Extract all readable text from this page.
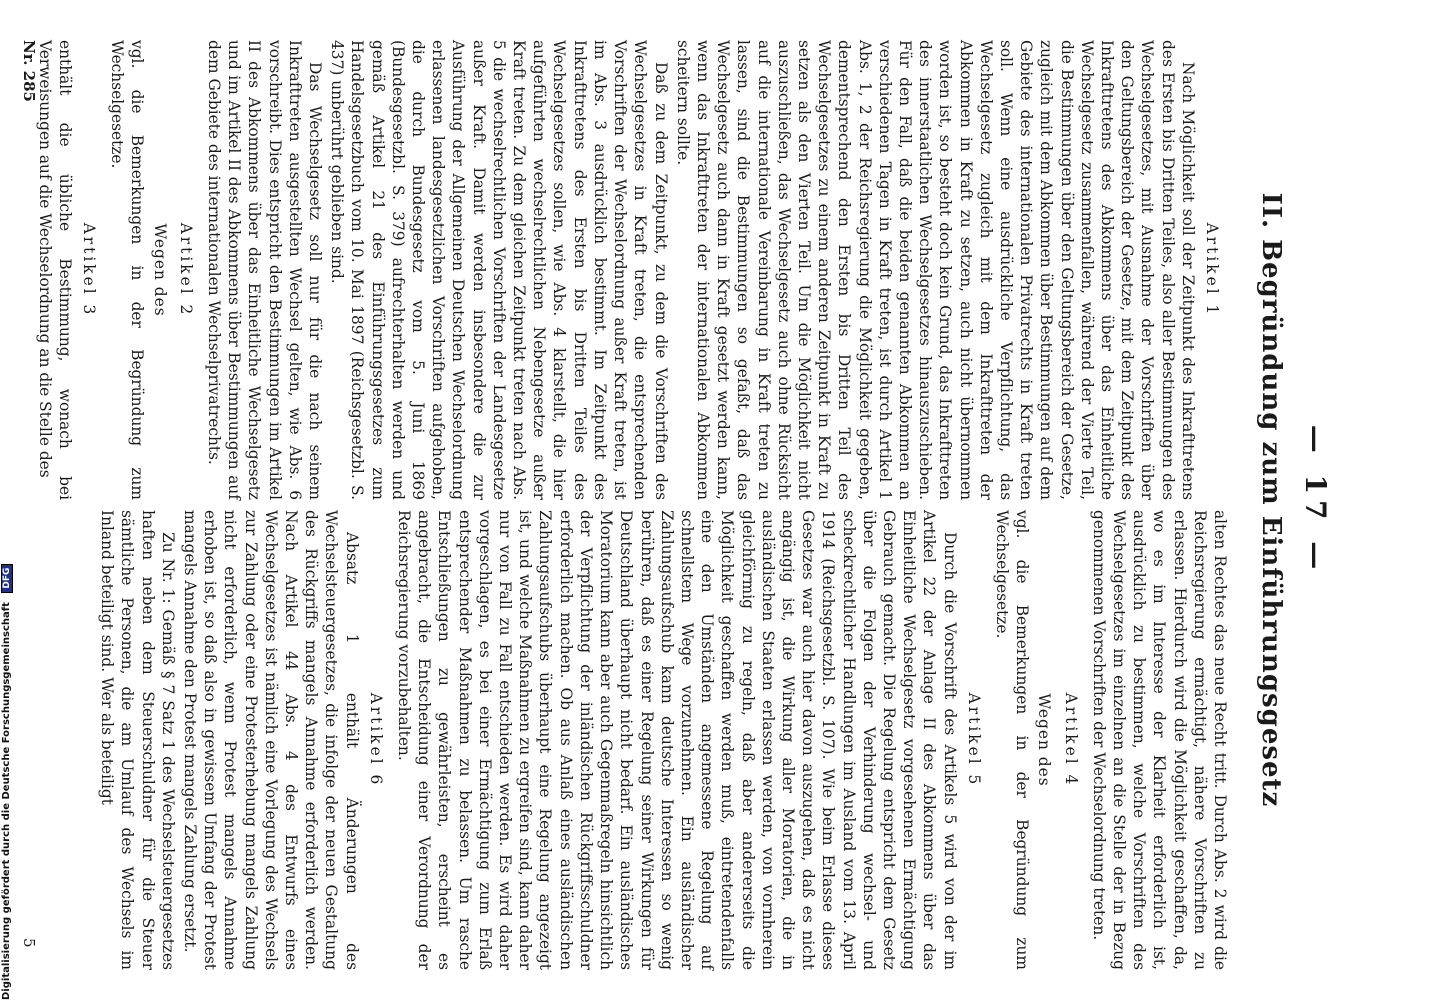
— 17 —
II. Begründung zum Einführungsgesetz
Artikel 1

Nach Möglichkeit soll der Zeitpunkt des Inkrafttretens des Ersten bis Dritten Teiles, also aller Bestimmungen des Wechselgesetzes, mit Ausnahme der Vorschriften über den Geltungsbereich der Gesetze, mit dem Zeitpunkt des Inkrafttretens des Abkommens über das Einheitliche Wechselgesetz zusammenfallen, während der Vierte Teil, die Bestimmungen über den Geltungsbereich der Gesetze, zugleich mit dem Abkommen über Bestimmungen auf dem Gebiete des internationalen Privatrechts in Kraft treten soll. Wenn eine ausdrückliche Verpflichtung, das Wechselgesetz zugleich mit dem Inkrafttreten der Abkommen in Kraft zu setzen, auch nicht übernommen worden ist, so besteht doch kein Grund, das Inkrafttreten des innerstaatlichen Wechselgesetzes hinauszuschieben. Für den Fall, daß die beiden genannten Abkommen an verschiedenen Tagen in Kraft treten, ist durch Artikel 1 Abs. 1, 2 der Reichsregierung die Möglichkeit gegeben, dementsprechend den Ersten bis Dritten Teil des Wechselgesetzes zu einem anderen Zeitpunkt in Kraft zu setzen als den Vierten Teil. Um die Möglichkeit nicht auszuschließen, das Wechselgesetz auch ohne Rücksicht auf die internationale Vereinbarung in Kraft treten zu lassen, sind die Bestimmungen so gefaßt, daß das Wechselgesetz auch dann in Kraft gesetzt werden kann, wenn das Inkrafttreten der internationalen Abkommen scheitern sollte.

Daß zu dem Zeitpunkt, zu dem die Vorschriften des Wechselgesetzes in Kraft treten, die entsprechenden Vorschriften der Wechselordnung außer Kraft treten, ist im Abs. 3 ausdrücklich bestimmt. Im Zeitpunkt des Inkrafttretens des Ersten bis Dritten Teiles des Wechselgesetzes sollen, wie Abs. 4 klarstellt, die hier aufgeführten wechselrechtlichen Nebengesetze außer Kraft treten. Zu dem gleichen Zeitpunkt treten nach Abs. 5 die wechselrechtlichen Vorschriften der Landesgesetze außer Kraft. Damit werden insbesondere die zur Ausführung der Allgemeinen Deutschen Wechselordnung erlassenen landesgesetzlichen Vorschriften aufgehoben, die durch Bundesgesetz vom 5. Juni 1869 (Bundesgesetzbl. S. 379) aufrechterhalten werden und gemäß Artikel 21 des Einführungsgesetzes zum Handelsgesetzbuch vom 10. Mai 1897 (Reichsgesetzbl. S. 437) unberührt geblieben sind.

Das Wechselgesetz soll nur für die nach seinem Inkrafttreten ausgestellten Wechsel gelten, wie Abs. 6 vorschreibt. Dies entspricht den Bestimmungen im Artikel II des Abkommens über das Einheitliche Wechselgesetz und im Artikel II des Abkommens über Bestimmungen auf dem Gebiete des internationalen Wechselprivatrechts.

Artikel 2
Wegen des

vgl. die Bemerkungen in der Begründung zum Wechselgesetze.

Artikel 3

enthält die übliche Bestimmung, wonach bei Verweisungen auf die Wechselordnung an die Stelle des

alten Rechtes das neue Recht tritt. Durch Abs. 2 wird die Reichsregierung ermächtigt, nähere Vorschriften zu erlassen. Hierdurch wird die Möglichkeit geschaffen, da, wo es im Interesse der Klarheit erforderlich ist, ausdrücklich zu bestimmen, welche Vorschriften des Wechselgesetzes im einzelnen an die Stelle der in Bezug genommenen Vorschriften der Wechselordnung treten.

Artikel 4
Wegen des

vgl. die Bemerkungen in der Begründung zum Wechselgesetze.

Artikel 5

Durch die Vorschrift des Artikels 5 wird von der im Artikel 22 der Anlage II des Abkommens über das Einheitliche Wechselgesetz vorgesehenen Ermächtigung Gebrauch gemacht. Die Regelung entspricht dem Gesetz über die Folgen der Verhinderung wechsel- und scheckrechtlicher Handlungen im Ausland vom 13. April 1914 (Reichsgesetzbl. S. 107). Wie beim Erlasse dieses Gesetzes war auch hier davon auszugehen, daß es nicht angängig ist, die Wirkung aller Moratorien, die in ausländischen Staaten erlassen werden, von vornherein gleichförmig zu regeln, daß aber andererseits die Möglichkeit geschaffen werden muß, eintretendenfalls eine den Umständen angemessene Regelung auf schnellstem Wege vorzunehmen. Ein ausländischer Zahlungsaufschub kann deutsche Interessen so wenig berühren, daß es einer Regelung seiner Wirkungen für Deutschland überhaupt nicht bedarf. Ein ausländisches Moratorium kann aber auch Gegenmaßregeln hinsichtlich der Verpflichtung der inländischen Rückgriffsschuldner erforderlich machen. Ob aus Anlaß eines ausländischen Zahlungsaufschubs überhaupt eine Regelung angezeigt ist, und welche Maßnahmen zu ergreifen sind, kann daher nur von Fall zu Fall entschieden werden. Es wird daher vorgeschlagen, es bei einer Ermächtigung zum Erlaß entsprechender Maßnahmen zu belassen. Um rasche Entschließungen zu gewährleisten, erscheint es angebracht, die Entscheidung einer Verordnung der Reichsregierung vorzubehalten.

Artikel 6

Absatz 1 enthält Änderungen des Wechselsteuergesetzes, die infolge der neuen Gestaltung des Rückgriffs mangels Annahme erforderlich werden. Nach Artikel 44 Abs. 4 des Entwurfs eines Wechselgesetzes ist nämlich eine Vorlegung des Wechsels zur Zahlung oder eine Protesterhebung mangels Zahlung nicht erforderlich, wenn Protest mangels Annahme erhoben ist, so daß also in gewissem Umfang der Protest mangels Annahme den Protest mangels Zahlung ersetzt.

Zu Nr. 1: Gemäß § 7 Satz 1 des Wechselsteuergesetzes haften neben dem Steuerschuldner für die Steuer sämtliche Personen, die am Umlauf des Wechsels im Inland beteiligt sind. Wer als beteiligt

Nr. 285
5
Digitalisierung gefördert durch die Deutsche Forschungsgemeinschaft DFG
